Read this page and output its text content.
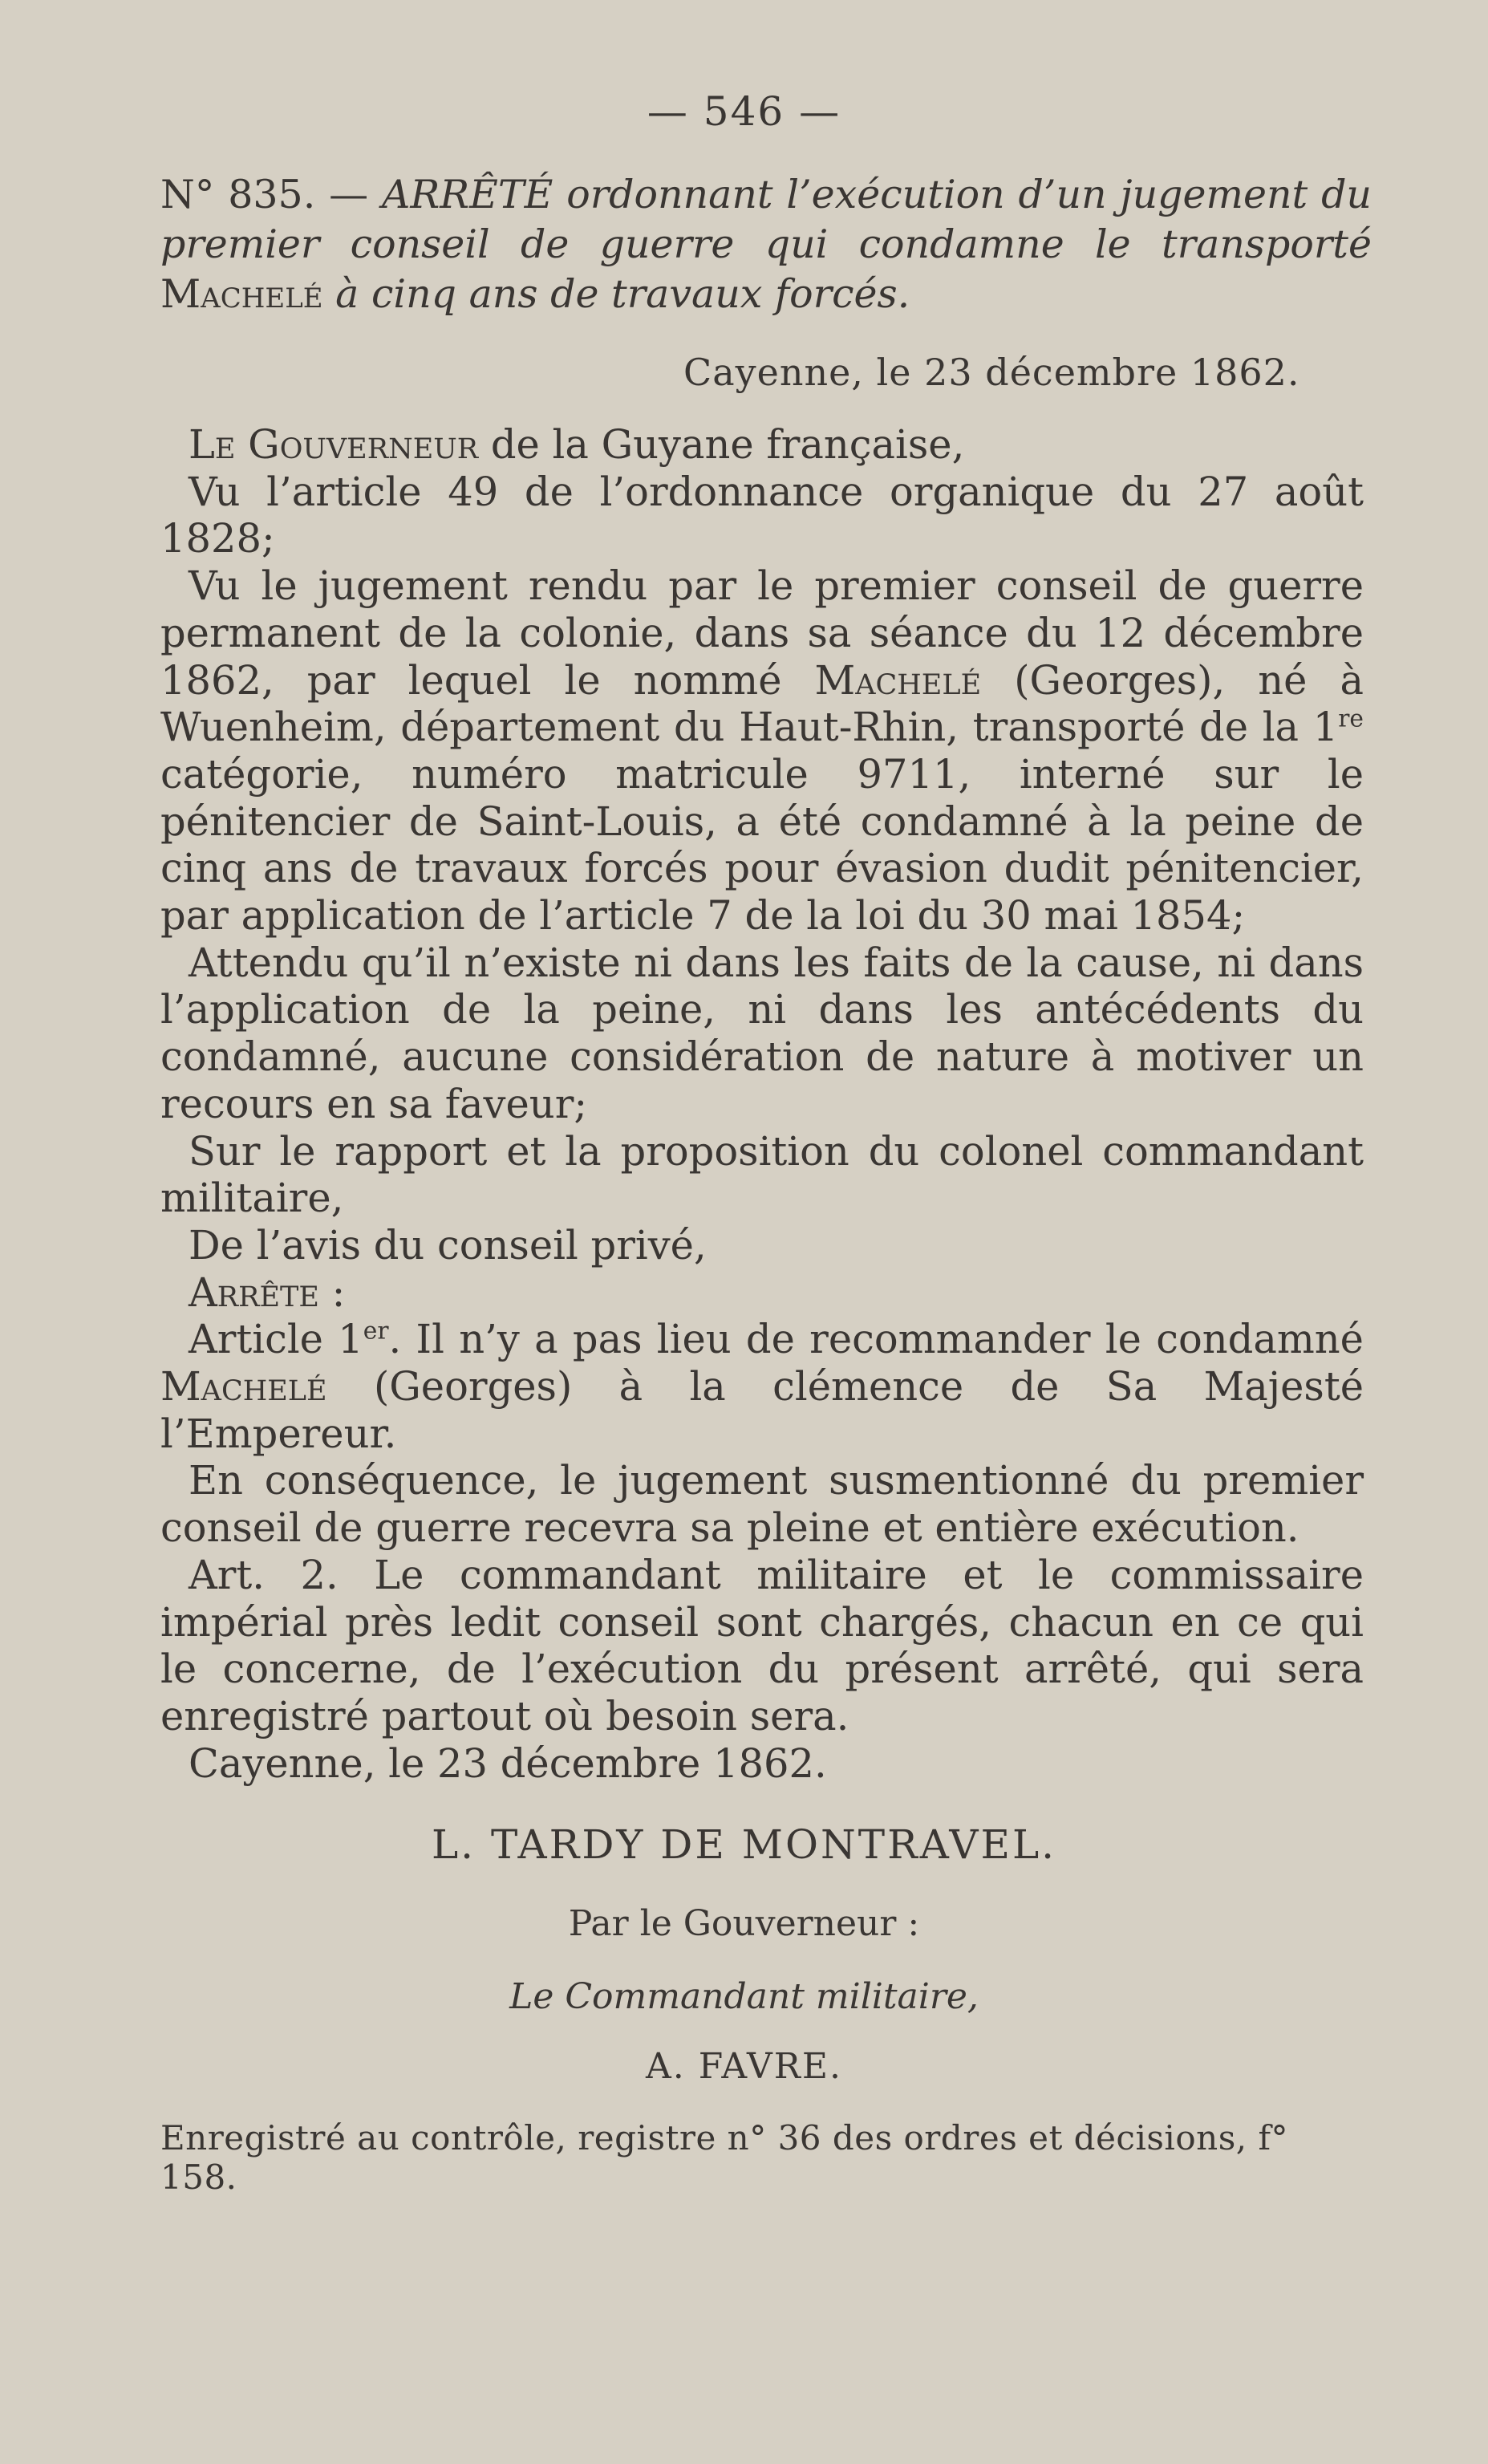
— 546 —
N° 835. — ARRÊTÉ ordonnant l’exécution d’un jugement du premier conseil de guerre qui condamne le transporté Machelé à cinq ans de travaux forcés.
Cayenne, le 23 décembre 1862.

Le Gouverneur de la Guyane française,

Vu l’article 49 de l’ordonnance organique du 27 août 1828;

Vu le jugement rendu par le premier conseil de guerre permanent de la colonie, dans sa séance du 12 décembre 1862, par lequel le nommé Machelé (Georges), né à Wuenheim, département du Haut-Rhin, transporté de la 1re catégorie, numéro matricule 9711, interné sur le pénitencier de Saint-Louis, a été condamné à la peine de cinq ans de travaux forcés pour évasion dudit pénitencier, par application de l’article 7 de la loi du 30 mai 1854;

Attendu qu’il n’existe ni dans les faits de la cause, ni dans l’application de la peine, ni dans les antécédents du condamné, aucune considération de nature à motiver un recours en sa faveur;

Sur le rapport et la proposition du colonel commandant militaire,

De l’avis du conseil privé,

Arrête :

Article 1er. Il n’y a pas lieu de recommander le condamné Machelé (Georges) à la clémence de Sa Majesté l’Empereur.

En conséquence, le jugement susmentionné du premier conseil de guerre recevra sa pleine et entière exécution.

Art. 2. Le commandant militaire et le commissaire impérial près ledit conseil sont chargés, chacun en ce qui le concerne, de l’exécution du présent arrêté, qui sera enregistré partout où besoin sera.

Cayenne, le 23 décembre 1862.

L. TARDY DE MONTRAVEL.
Par le Gouverneur :
Le Commandant militaire,
A. FAVRE.
Enregistré au contrôle, registre n° 36 des ordres et décisions, f° 158.
